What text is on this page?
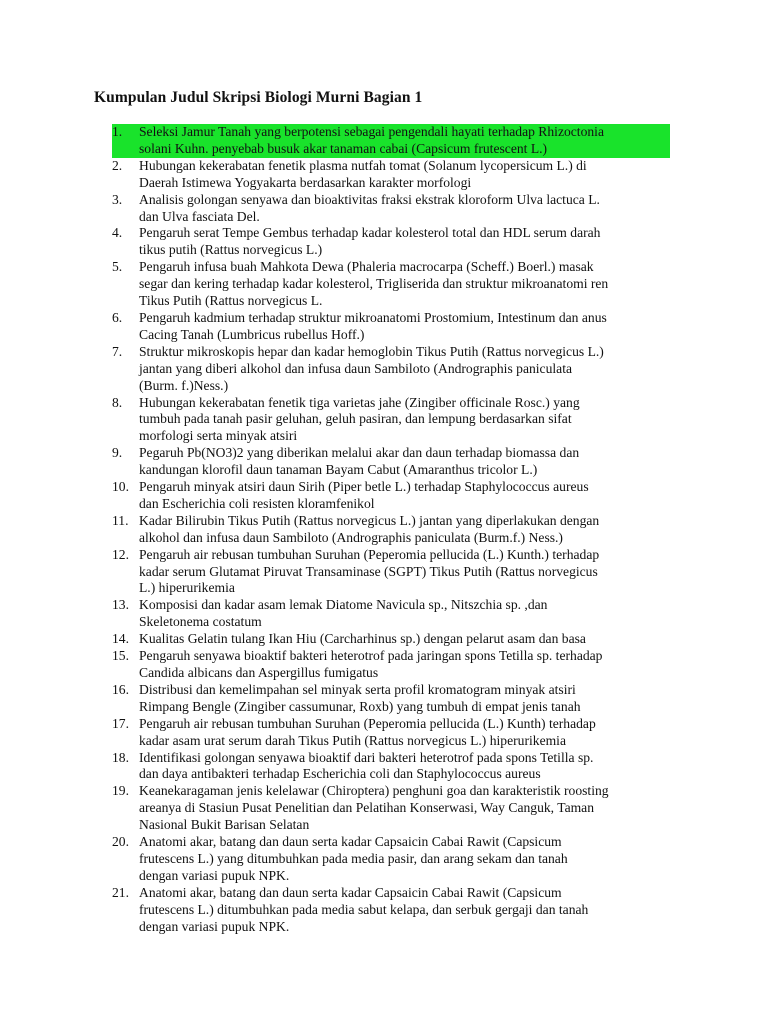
Kumpulan Judul Skripsi Biologi Murni Bagian 1
1.	Seleksi Jamur Tanah yang berpotensi sebagai pengendali hayati terhadap Rhizoctonia
solani Kuhn. penyebab busuk akar tanaman cabai (Capsicum frutescent L.)
2.	Hubungan kekerabatan fenetik plasma nutfah tomat (Solanum lycopersicum L.) di
Daerah Istimewa Yogyakarta berdasarkan karakter morfologi
3.	Analisis golongan senyawa dan bioaktivitas fraksi ekstrak kloroform Ulva lactuca L.
dan Ulva fasciata Del.
4.	Pengaruh serat Tempe Gembus terhadap kadar kolesterol total dan HDL serum darah
tikus putih (Rattus norvegicus L.)
5.	Pengaruh infusa buah Mahkota Dewa (Phaleria macrocarpa (Scheff.) Boerl.) masak
segar dan kering terhadap kadar kolesterol, Trigliserida dan struktur mikroanatomi ren
Tikus Putih (Rattus norvegicus L.
6.	Pengaruh kadmium terhadap struktur mikroanatomi Prostomium, Intestinum dan anus
Cacing Tanah (Lumbricus rubellus Hoff.)
7.	Struktur mikroskopis hepar dan kadar hemoglobin Tikus Putih (Rattus norvegicus L.)
jantan yang diberi alkohol dan infusa daun Sambiloto (Andrographis paniculata
(Burm. f.)Ness.)
8.	Hubungan kekerabatan fenetik tiga varietas jahe (Zingiber officinale Rosc.) yang
tumbuh pada tanah pasir geluhan, geluh pasiran, dan lempung berdasarkan sifat
morfologi serta minyak atsiri
9.	Pegaruh Pb(NO3)2 yang diberikan melalui akar dan daun terhadap biomassa dan
kandungan klorofil daun tanaman Bayam Cabut (Amaranthus tricolor L.)
10. Pengaruh minyak atsiri daun Sirih (Piper betle L.) terhadap Staphylococcus aureus
dan Escherichia coli resisten kloramfenikol
11. Kadar Bilirubin Tikus Putih (Rattus norvegicus L.) jantan yang diperlakukan dengan
alkohol dan infusa daun Sambiloto (Andrographis paniculata (Burm.f.) Ness.)
12. Pengaruh air rebusan tumbuhan Suruhan (Peperomia pellucida (L.) Kunth.) terhadap
kadar serum Glutamat Piruvat Transaminase (SGPT) Tikus Putih (Rattus norvegicus
L.) hiperurikemia
13. Komposisi dan kadar asam lemak Diatome Navicula sp., Nitszchia sp. ,dan
Skeletonema costatum
14. Kualitas Gelatin tulang Ikan Hiu (Carcharhinus sp.) dengan pelarut asam dan basa
15. Pengaruh senyawa bioaktif bakteri heterotrof pada jaringan spons Tetilla sp. terhadap
Candida albicans dan Aspergillus fumigatus
16. Distribusi dan kemelimpahan sel minyak serta profil kromatogram minyak atsiri
Rimpang Bengle (Zingiber cassumunar, Roxb) yang tumbuh di empat jenis tanah
17. Pengaruh air rebusan tumbuhan Suruhan (Peperomia pellucida (L.) Kunth) terhadap
kadar asam urat serum darah Tikus Putih (Rattus norvegicus L.) hiperurikemia
18. Identifikasi golongan senyawa bioaktif dari bakteri heterotrof pada spons Tetilla sp.
dan daya antibakteri terhadap Escherichia coli dan Staphylococcus aureus
19. Keanekaragaman jenis kelelawar (Chiroptera) penghuni goa dan karakteristik roosting
areanya di Stasiun Pusat Penelitian dan Pelatihan Konserwasi, Way Canguk, Taman
Nasional Bukit Barisan Selatan
20. Anatomi akar, batang dan daun serta kadar Capsaicin Cabai Rawit (Capsicum
frutescens L.) yang ditumbuhkan pada media pasir, dan arang sekam dan tanah
dengan variasi pupuk NPK.
21. Anatomi akar, batang dan daun serta kadar Capsaicin Cabai Rawit (Capsicum
frutescens L.) ditumbuhkan pada media sabut kelapa, dan serbuk gergaji dan tanah
dengan variasi pupuk NPK.
